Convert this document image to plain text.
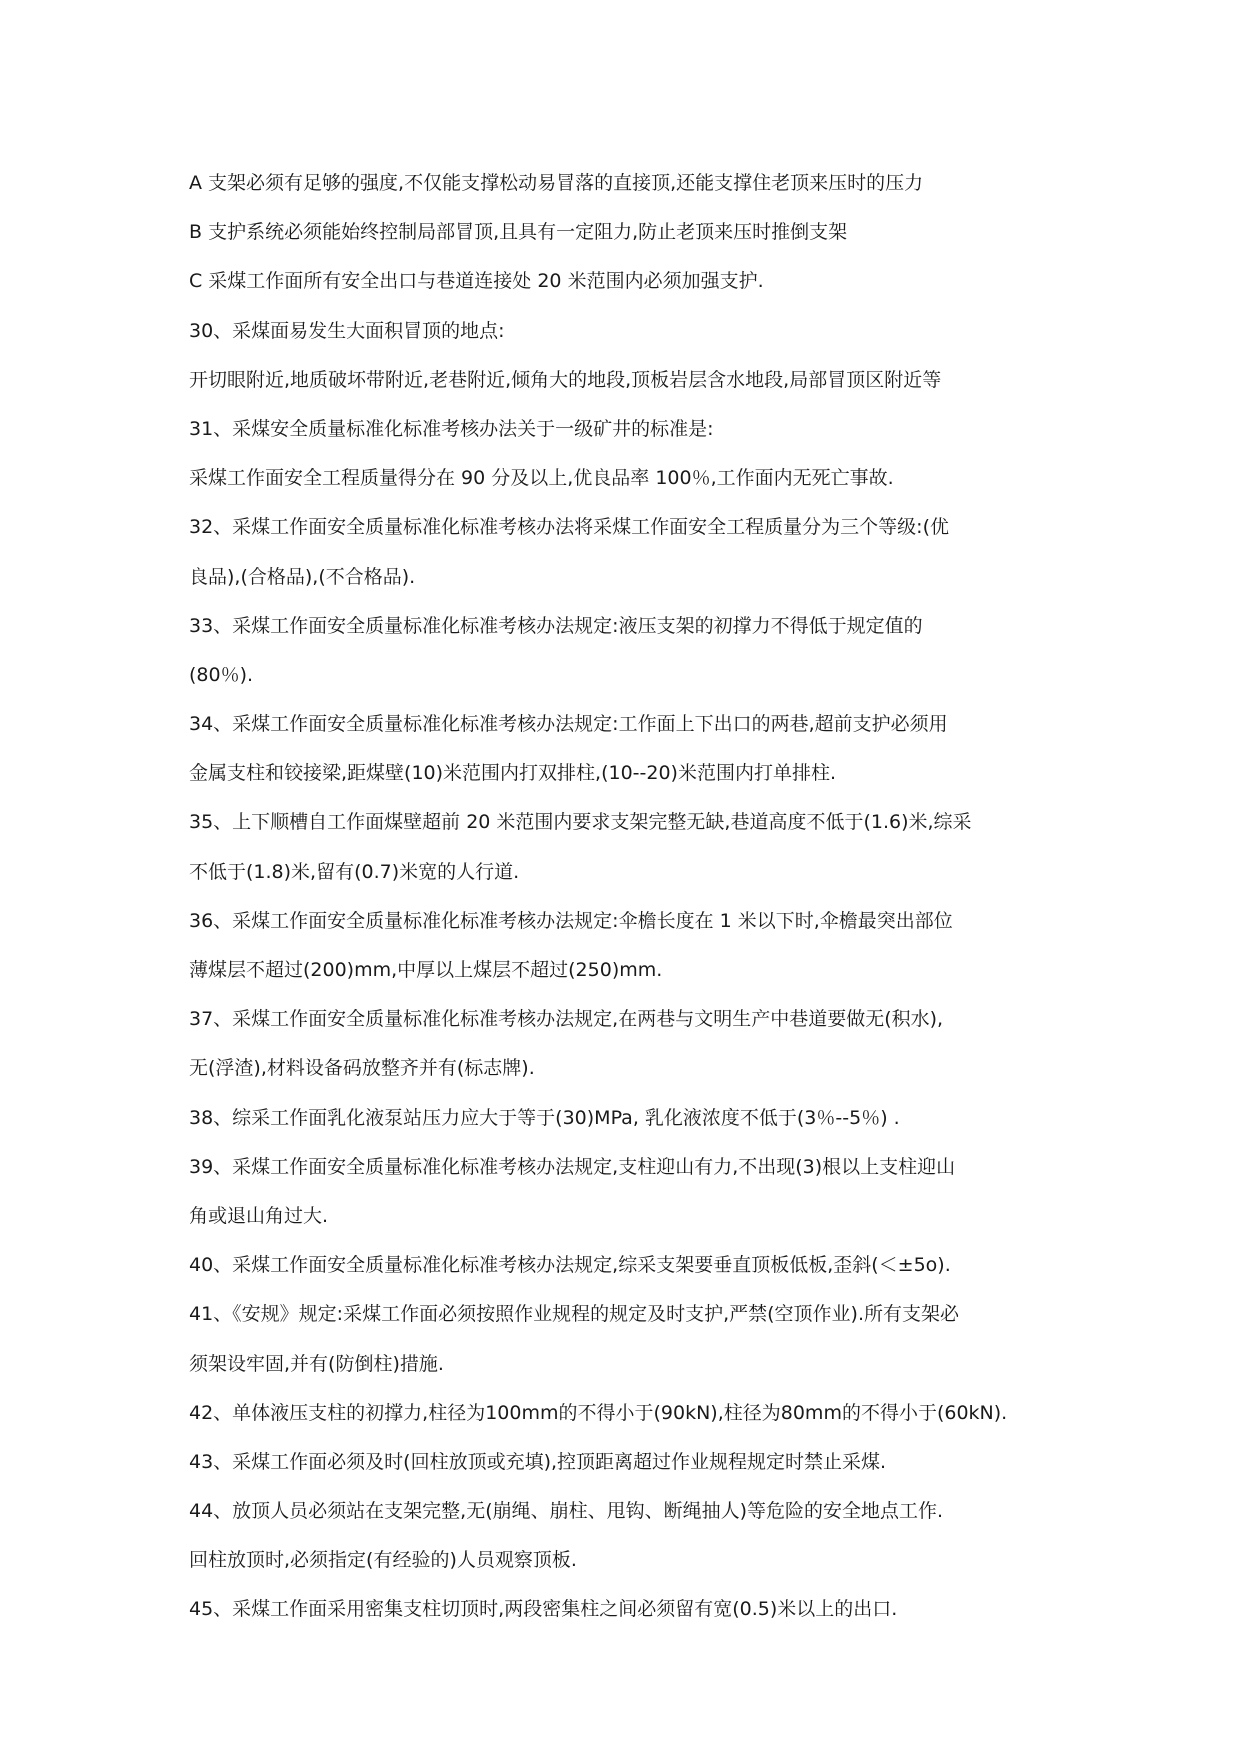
A 支架必须有足够的强度,不仅能支撑松动易冒落的直接顶,还能支撑住老顶来压时的压力
B 支护系统必须能始终控制局部冒顶,且具有一定阻力,防止老顶来压时推倒支架
C 采煤工作面所有安全出口与巷道连接处 20 米范围内必须加强支护.
30、采煤面易发生大面积冒顶的地点:
开切眼附近,地质破坏带附近,老巷附近,倾角大的地段,顶板岩层含水地段,局部冒顶区附近等
31、采煤安全质量标准化标准考核办法关于一级矿井的标准是:
采煤工作面安全工程质量得分在 90 分及以上,优良品率 100％,工作面内无死亡事故.
32、采煤工作面安全质量标准化标准考核办法将采煤工作面安全工程质量分为三个等级:(优
良品),(合格品),(不合格品).
33、采煤工作面安全质量标准化标准考核办法规定:液压支架的初撑力不得低于规定值的
(80％).
34、采煤工作面安全质量标准化标准考核办法规定:工作面上下出口的两巷,超前支护必须用
金属支柱和铰接梁,距煤壁(10)米范围内打双排柱,(10--20)米范围内打单排柱.
35、上下顺槽自工作面煤壁超前 20 米范围内要求支架完整无缺,巷道高度不低于(1.6)米,综采
不低于(1.8)米,留有(0.7)米宽的人行道.
36、采煤工作面安全质量标准化标准考核办法规定:伞檐长度在 1 米以下时,伞檐最突出部位
薄煤层不超过(200)mm,中厚以上煤层不超过(250)mm.
37、采煤工作面安全质量标准化标准考核办法规定,在两巷与文明生产中巷道要做无(积水),
无(浮渣),材料设备码放整齐并有(标志牌).
38、综采工作面乳化液泵站压力应大于等于(30)MPa, 乳化液浓度不低于(3％--5％) .
39、采煤工作面安全质量标准化标准考核办法规定,支柱迎山有力,不出现(3)根以上支柱迎山
角或退山角过大.
40、采煤工作面安全质量标准化标准考核办法规定,综采支架要垂直顶板低板,歪斜(＜±5o).
41、《安规》规定:采煤工作面必须按照作业规程的规定及时支护,严禁(空顶作业).所有支架必
须架设牢固,并有(防倒柱)措施.
42、单体液压支柱的初撑力,柱径为100mm的不得小于(90kN),柱径为80mm的不得小于(60kN).
43、采煤工作面必须及时(回柱放顶或充填),控顶距离超过作业规程规定时禁止采煤.
44、放顶人员必须站在支架完整,无(崩绳、崩柱、甩钩、断绳抽人)等危险的安全地点工作.
回柱放顶时,必须指定(有经验的)人员观察顶板.
45、采煤工作面采用密集支柱切顶时,两段密集柱之间必须留有宽(0.5)米以上的出口.
